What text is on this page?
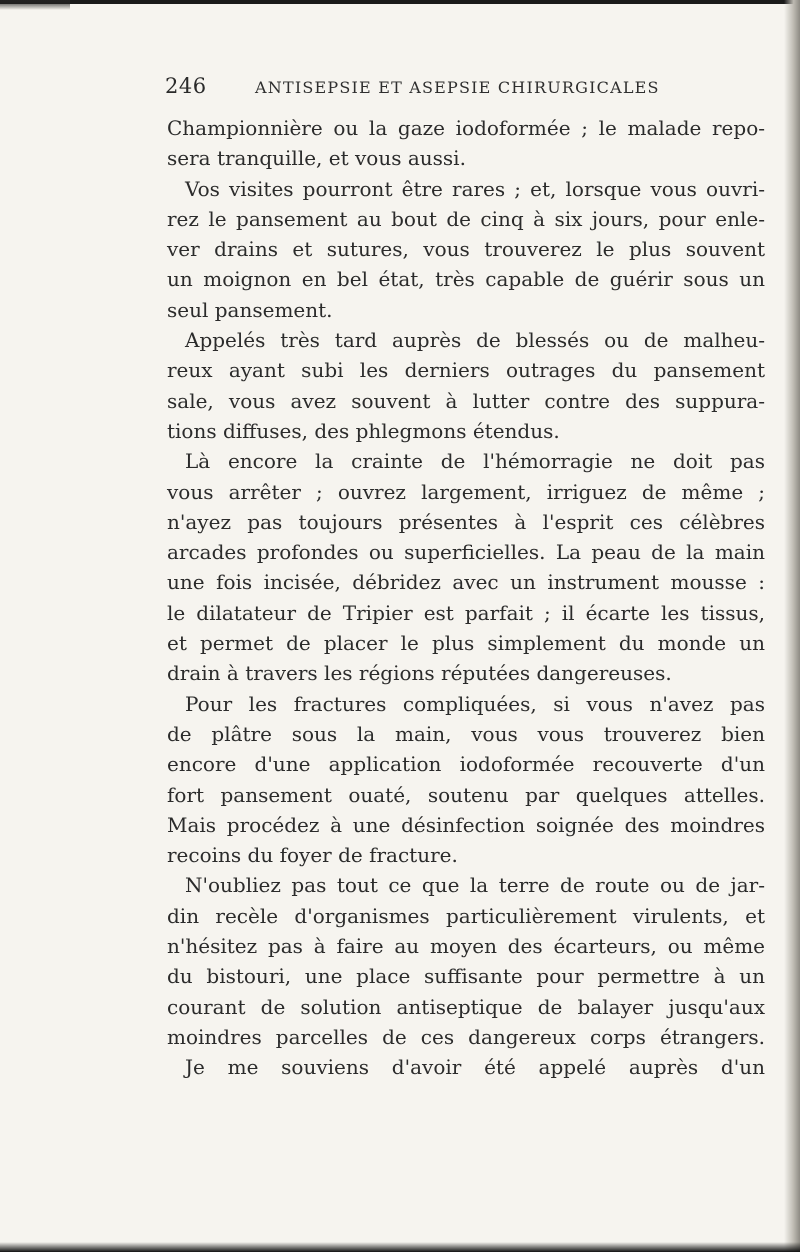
246	ANTISEPSIE ET ASEPSIE CHIRURGICALES
Championnière ou la gaze iodoformée ; le malade repo-
sera tranquille, et vous aussi.
Vos visites pourront être rares ; et, lorsque vous ouvri-
rez le pansement au bout de cinq à six jours, pour enle-
ver drains et sutures, vous trouverez le plus souvent
un moignon en bel état, très capable de guérir sous un
seul pansement.
Appelés très tard auprès de blessés ou de malheu-
reux ayant subi les derniers outrages du pansement
sale, vous avez souvent à lutter contre des suppura-
tions diffuses, des phlegmons étendus.
Là encore la crainte de l'hémorragie ne doit pas
vous arrêter ; ouvrez largement, irriguez de même ;
n'ayez pas toujours présentes à l'esprit ces célèbres
arcades profondes ou superficielles. La peau de la main
une fois incisée, débridez avec un instrument mousse :
le dilatateur de Tripier est parfait ; il écarte les tissus,
et permet de placer le plus simplement du monde un
drain à travers les régions réputées dangereuses.
Pour les fractures compliquées, si vous n'avez pas
de plâtre sous la main, vous vous trouverez bien
encore d'une application iodoformée recouverte d'un
fort pansement ouaté, soutenu par quelques attelles.
Mais procédez à une désinfection soignée des moindres
recoins du foyer de fracture.
N'oubliez pas tout ce que la terre de route ou de jar-
din recèle d'organismes particulièrement virulents, et
n'hésitez pas à faire au moyen des écarteurs, ou même
du bistouri, une place suffisante pour permettre à un
courant de solution antiseptique de balayer jusqu'aux
moindres parcelles de ces dangereux corps étrangers.
Je me souviens d'avoir été appelé auprès d'un
